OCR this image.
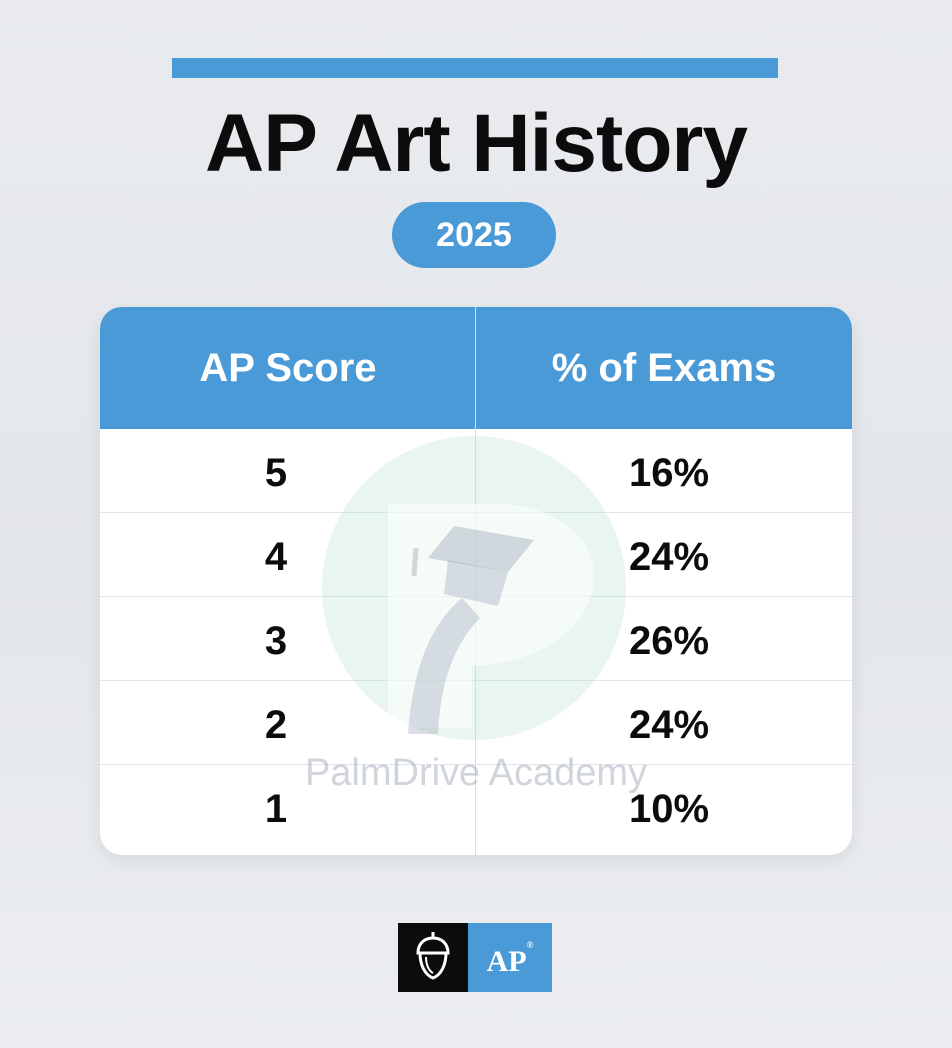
AP Art History
2025
AP Score	% of Exams
5	16%
4	24%
3	26%
2	24%
1	10%
PalmDrive Academy
AP®
